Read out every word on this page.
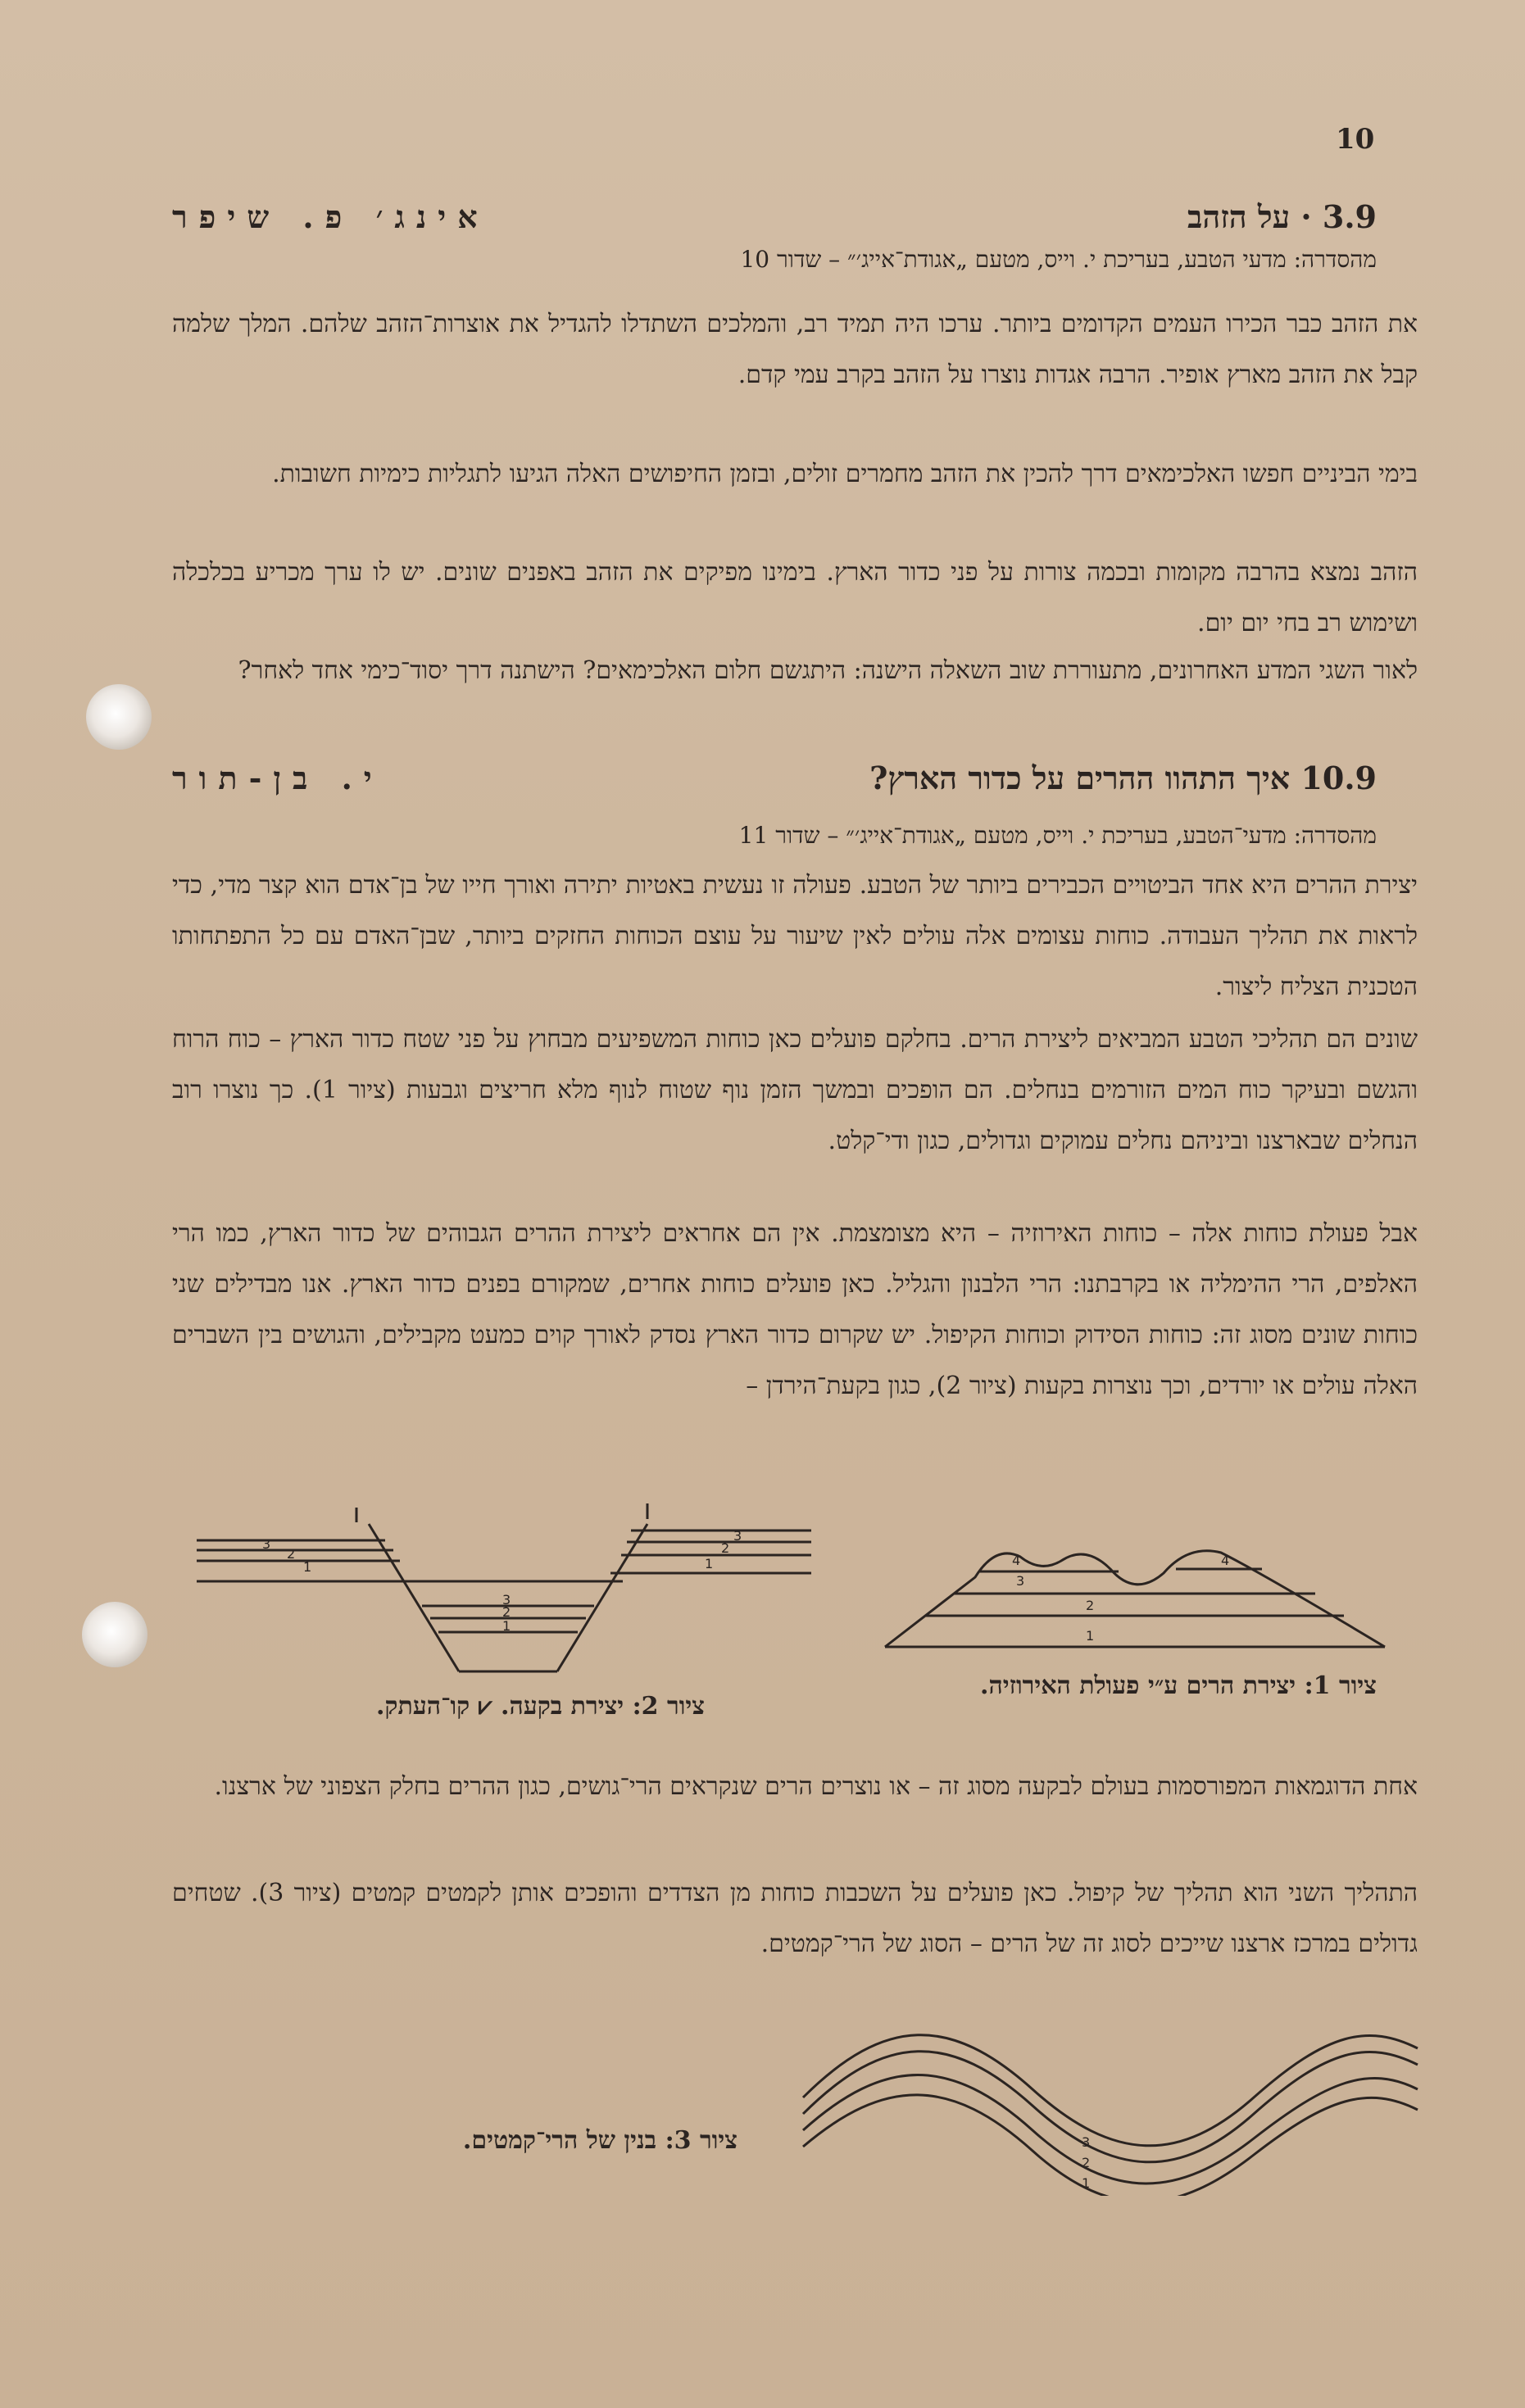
10
3.9 · על הזהב
אינג׳ פ. שיפר
מהסדרה: מדעי הטבע, בעריכת י. וייס, מטעם „אגודת־אייג׳״ – שדור 10
את הזהב כבר הכירו העמים הקדומים ביותר. ערכו היה תמיד רב, והמלכים השתדלו להגדיל את אוצרות־הזהב שלהם. המלך שלמה קבל את הזהב מארץ אופיר. הרבה אגדות נוצרו על הזהב בקרב עמי קדם.
בימי הביניים חפשו האלכימאים דרך להכין את הזהב מחמרים זולים, ובזמן החיפושים האלה הגיעו לתגליות כימיות חשובות.
הזהב נמצא בהרבה מקומות ובכמה צורות על פני כדור הארץ. בימינו מפיקים את הזהב באפנים שונים. יש לו ערך מכריע בכלכלה ושימוש רב בחי יום יום.
לאור השגי המדע האחרונים, מתעוררת שוב השאלה הישנה: היתגשם חלום האלכימאים? הישתנה דרך יסוד־כימי אחד לאחר?
10.9 איך התהוו ההרים על כדור הארץ?
י. בן-תור
מהסדרה: מדעי־הטבע, בעריכת י. וייס, מטעם „אגודת־אייג׳״ – שדור 11
יצירת ההרים היא אחד הביטויים הכבירים ביותר של הטבע. פעולה זו נעשית באטיות יתירה ואורך חייו של בן־אדם הוא קצר מדי, כדי לראות את תהליך העבודה. כוחות עצומים אלה עולים לאין שיעור על עוצם הכוחות החזקים ביותר, שבן־האדם עם כל התפתחותו הטכנית הצליח ליצור.
שונים הם תהליכי הטבע המביאים ליצירת הרים. בחלקם פועלים כאן כוחות המשפיעים מבחוץ על פני שטח כדור הארץ – כוח הרוח והגשם ובעיקר כוח המים הזורמים בנחלים. הם הופכים ובמשך הזמן נוף שטוח לנוף מלא חריצים וגבעות (ציור 1). כך נוצרו רוב הנחלים שבארצנו וביניהם נחלים עמוקים וגדולים, כגון ודי־קלט.
אבל פעולת כוחות אלה – כוחות האירוזיה – היא מצומצמת. אין הם אחראים ליצירת ההרים הגבוהים של כדור הארץ, כמו הרי האלפים, הרי ההימליה או בקרבתנו: הרי הלבנון והגליל. כאן פועלים כוחות אחרים, שמקורם בפנים כדור הארץ. אנו מבדילים שני כוחות שונים מסוג זה: כוחות הסידוק וכוחות הקיפול. יש שקרום כדור הארץ נסדק לאורך קוים כמעט מקבילים, והגושים בין השברים האלה עולים או יורדים, וכך נוצרות בקעות (ציור 2), כגון בקעת־הירדן –
3
2
1
3
2
1
3
2
1
1
2
3
4	4
ציור 2: יצירת בקעה. ⩗ קו־העתק.
ציור 1: יצירת הרים ע״י פעולת האירוזיה.
אחת הדוגמאות המפורסמות בעולם לבקעה מסוג זה – או נוצרים הרים שנקראים הרי־גושים, כגון ההרים בחלק הצפוני של ארצנו.
התהליך השני הוא תהליך של קיפול. כאן פועלים על השכבות כוחות מן הצדדים והופכים אותן לקמטים קמטים (ציור 3). שטחים גדולים במרכז ארצנו שייכים לסוג זה של הרים – הסוג של הרי־קמטים.
3
2
1
ציור 3: בנין של הרי־קמטים.
